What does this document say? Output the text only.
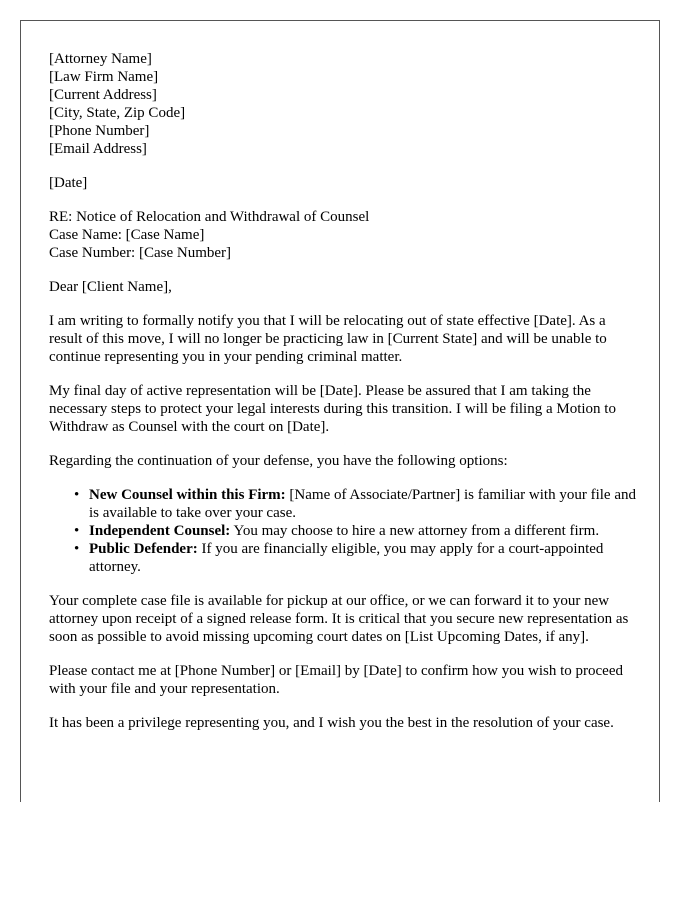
[Attorney Name]
[Law Firm Name]
[Current Address]
[City, State, Zip Code]
[Phone Number]
[Email Address]

[Date]

RE: Notice of Relocation and Withdrawal of Counsel
Case Name: [Case Name]
Case Number: [Case Number]

Dear [Client Name],

I am writing to formally notify you that I will be relocating out of state effective [Date]. As a result of this move, I will no longer be practicing law in [Current State] and will be unable to continue representing you in your pending criminal matter.

My final day of active representation will be [Date]. Please be assured that I am taking the necessary steps to protect your legal interests during this transition. I will be filing a Motion to Withdraw as Counsel with the court on [Date].

Regarding the continuation of your defense, you have the following options:

• New Counsel within this Firm: [Name of Associate/Partner] is familiar with your file and is available to take over your case.
• Independent Counsel: You may choose to hire a new attorney from a different firm.
• Public Defender: If you are financially eligible, you may apply for a court-appointed attorney.

Your complete case file is available for pickup at our office, or we can forward it to your new attorney upon receipt of a signed release form. It is critical that you secure new representation as soon as possible to avoid missing upcoming court dates on [List Upcoming Dates, if any].

Please contact me at [Phone Number] or [Email] by [Date] to confirm how you wish to proceed with your file and your representation.

It has been a privilege representing you, and I wish you the best in the resolution of your case.
